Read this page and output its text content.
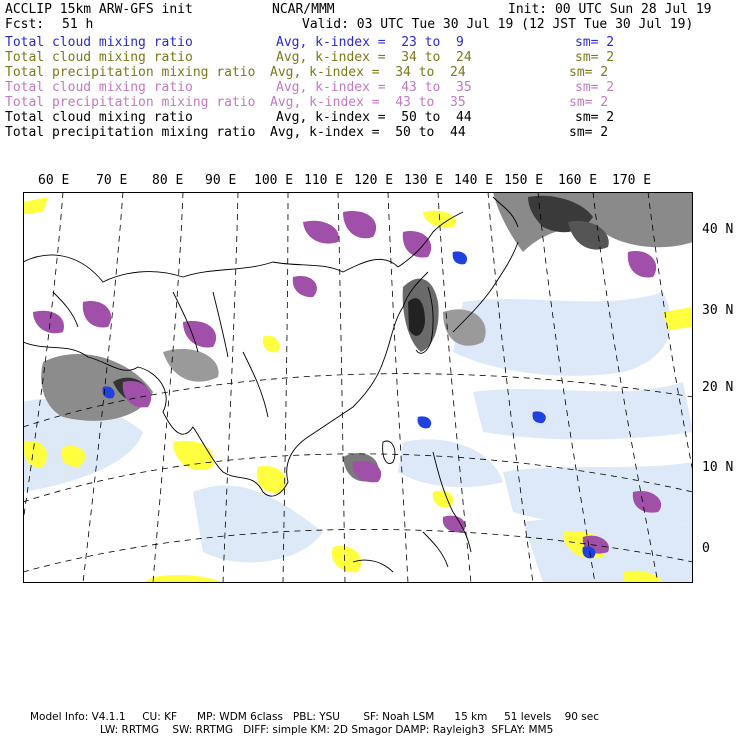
ACCLIP 15km ARW-GFS init	NCAR/MMM	Init: 00 UTC Sun 28 Jul 19
Fcst: 51 h	Valid: 03 UTC Tue 30 Jul 19 (12 JST Tue 30 Jul 19)
Total cloud mixing ratio	Avg, k-index =  23 to  9	sm= 2
Total cloud mixing ratio	Avg, k-index =  34 to  24	sm= 2
Total precipitation mixing ratio Avg, k-index =  34 to  24	sm= 2
Total cloud mixing ratio	Avg, k-index =  43 to  35	sm= 2
Total precipitation mixing ratio Avg, k-index =  43 to  35	sm= 2
Total cloud mixing ratio	Avg, k-index =  50 to  44	sm= 2
Total precipitation mixing ratio Avg, k-index =  50 to  44	sm= 2
60 E 70 E 80 E 90 E 100 E 110 E 120 E 130 E 140 E 150 E 160 E 170 E
40 N
30 N
20 N
10 N
0
Model Info: V4.1.1     CU: KF      MP: WDM 6class   PBL: YSU       SF: Noah LSM      15 km     51 levels    90 sec
LW: RRTMG    SW: RRTMG   DIFF: simple KM: 2D Smagor DAMP: Rayleigh3  SFLAY: MM5
